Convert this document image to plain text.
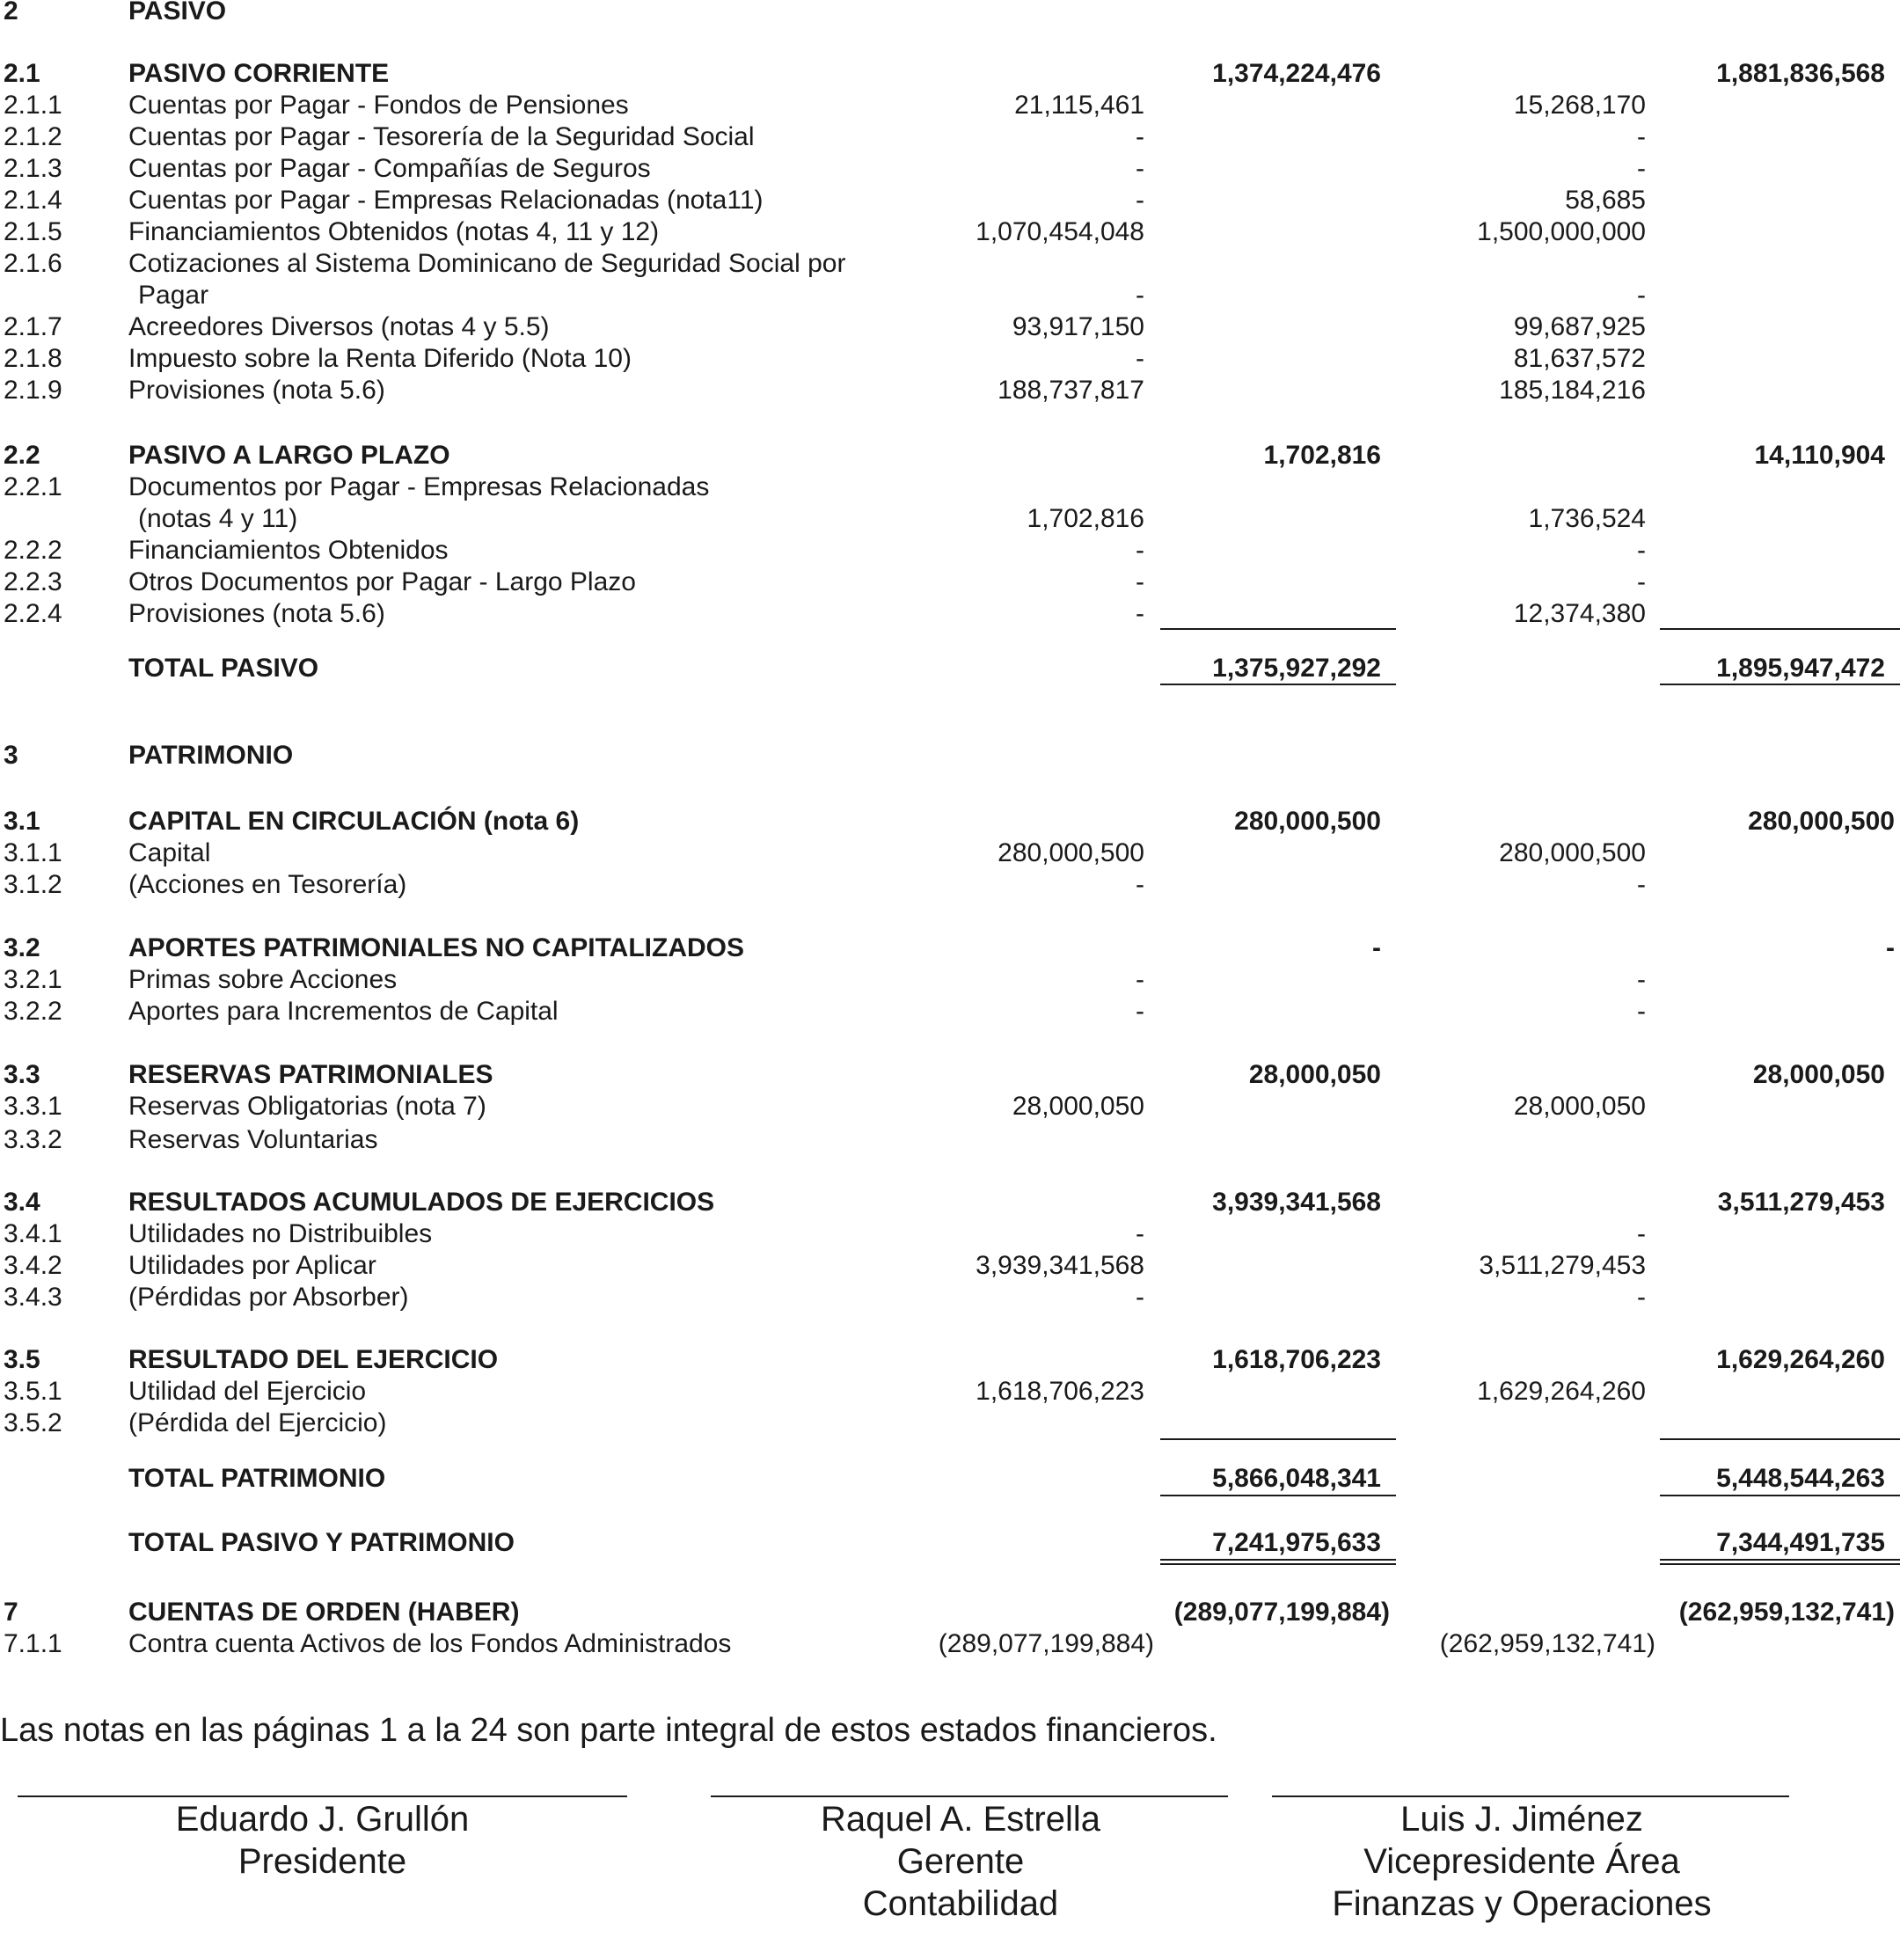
2	PASIVO
2.1	PASIVO CORRIENTE	1,374,224,476	1,881,836,568
2.1.1	Cuentas por Pagar - Fondos de Pensiones	21,115,461	15,268,170
2.1.2	Cuentas por Pagar - Tesorería de la Seguridad Social	-	-
2.1.3	Cuentas por Pagar - Compañías de Seguros	-	-
2.1.4	Cuentas por Pagar - Empresas Relacionadas (nota11)	-	58,685
2.1.5	Financiamientos Obtenidos (notas 4, 11 y 12)	1,070,454,048	1,500,000,000
2.1.6	Cotizaciones al Sistema Dominicano de Seguridad Social por
Pagar	-	-
2.1.7	Acreedores Diversos (notas 4 y 5.5)	93,917,150	99,687,925
2.1.8	Impuesto sobre la Renta Diferido (Nota 10)	-	81,637,572
2.1.9	Provisiones (nota 5.6)	188,737,817	185,184,216
2.2	PASIVO A LARGO PLAZO	1,702,816	14,110,904
2.2.1	Documentos por Pagar - Empresas Relacionadas
(notas 4 y 11)	1,702,816	1,736,524
2.2.2	Financiamientos Obtenidos	-	-
2.2.3	Otros Documentos por Pagar - Largo Plazo	-	-
2.2.4	Provisiones (nota 5.6)	-	12,374,380
TOTAL PASIVO	1,375,927,292	1,895,947,472
3	PATRIMONIO
3.1	CAPITAL EN CIRCULACIÓN (nota 6)	280,000,500	280,000,500
3.1.1	Capital	280,000,500	280,000,500
3.1.2	(Acciones en Tesorería)	-	-
3.2	APORTES PATRIMONIALES NO CAPITALIZADOS	-	-
3.2.1	Primas sobre Acciones	-	-
3.2.2	Aportes para Incrementos de Capital	-	-
3.3	RESERVAS PATRIMONIALES	28,000,050	28,000,050
3.3.1	Reservas Obligatorias (nota 7)	28,000,050	28,000,050
3.3.2	Reservas Voluntarias
3.4	RESULTADOS ACUMULADOS DE EJERCICIOS	3,939,341,568	3,511,279,453
3.4.1	Utilidades no Distribuibles	-	-
3.4.2	Utilidades por Aplicar	3,939,341,568	3,511,279,453
3.4.3	(Pérdidas por Absorber)	-	-
3.5	RESULTADO DEL EJERCICIO	1,618,706,223	1,629,264,260
3.5.1	Utilidad del Ejercicio	1,618,706,223	1,629,264,260
3.5.2	(Pérdida del Ejercicio)
TOTAL PATRIMONIO	5,866,048,341	5,448,544,263
TOTAL PASIVO Y PATRIMONIO	7,241,975,633	7,344,491,735
7	CUENTAS DE ORDEN (HABER)	(289,077,199,884)	(262,959,132,741)
7.1.1	Contra cuenta Activos de los Fondos Administrados	(289,077,199,884)	(262,959,132,741)
Las notas en las páginas 1 a la 24 son parte integral de estos estados financieros.
Eduardo J. Grullón
Presidente
Raquel A. Estrella
Gerente
Contabilidad
Luis J. Jiménez
Vicepresidente Área
Finanzas y Operaciones
